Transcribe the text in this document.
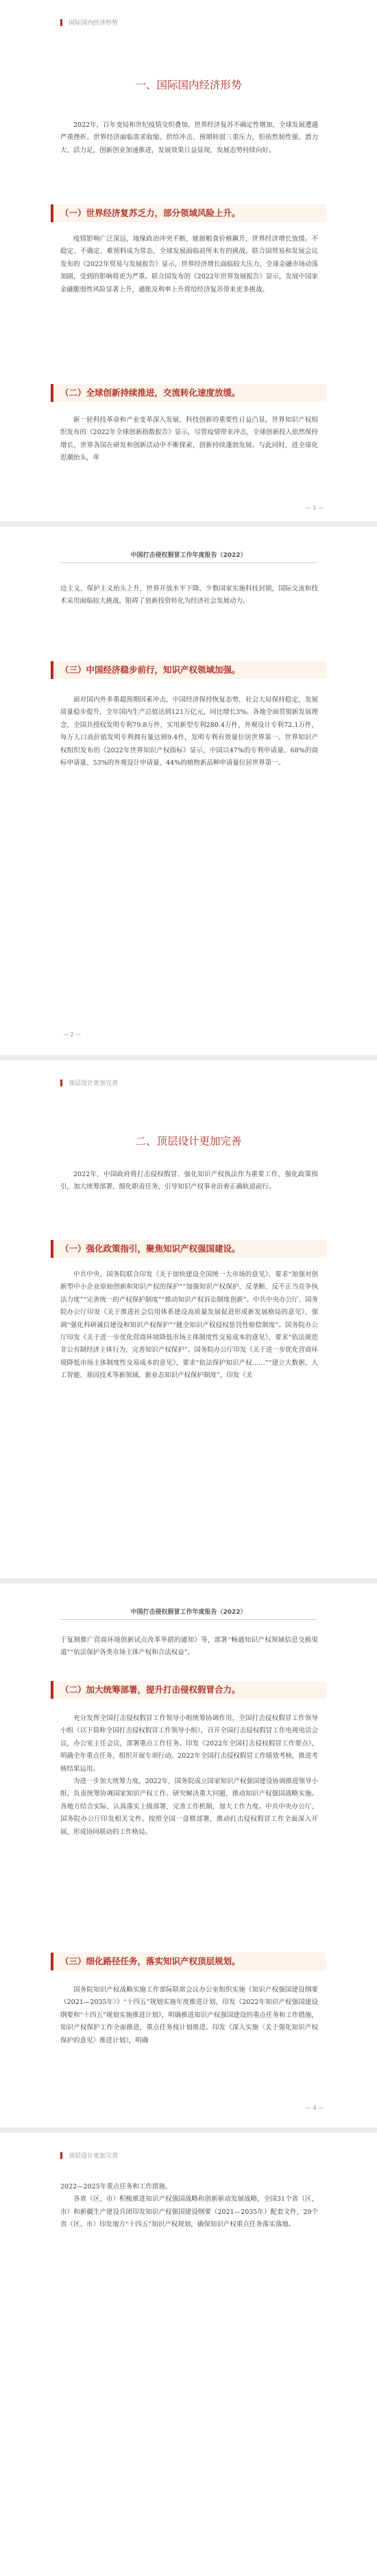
国际国内经济形势
一、国际国内经济形势

2022年，百年变局和世纪疫情交织叠加，世界经济复苏不确定性增加，全球发展遭遇严重挫折。世界经济面临需求收缩、供给冲击、预期转弱三重压力，但依然韧性强、潜力大、活力足，创新创业加速推进，发展效果日益显现，发展态势持续向好。

（一）世界经济复苏乏力，部分领域风险上升。

疫情影响广泛深远，地缘政治冲突不断，能源粮食价格飙升，世界经济增长放缓。不稳定、不确定、难预料成为常态，全球发展面临前所未有的挑战。联合国贸易和发展会议发布的《2022年贸易与发展报告》显示，世界经济增长面临较大压力，全球金融市场动荡加剧，受到的影响将更为严重。联合国发布的《2022年世界发展报告》显示，发展中国家金融脆弱性风险显著上升，通胀及利率上升将给经济复苏带来更多挑战。

（二）全球创新持续推进，交流转化速度放缓。

新一轮科技革命和产业变革深入发展，科技创新的重要性日益凸显，世界知识产权组织发布的《2022年全球创新指数报告》显示，尽管疫情带来冲击，全球创新投入依然保持增长，世界各国在研发和创新活动中不断探索，创新持续蓬勃发展。与此同时，进全球化思潮抬头，单

— 1 —
中国打击侵权假冒工作年度报告（2022）

边主义、保护主义抬头上升，世界开放水平下降，少数国家实施科技封锁，国际交流和技术采用面临较大挑战，阻碍了创新投资转化为经济社会发展动力。

（三）中国经济稳步前行，知识产权领域加强。

面对国内外多重超预期因素冲击，中国经济保持恢复态势，社会大局保持稳定，发展质量稳步提升，全年国内生产总值达到121万亿元，同比增长3%。各地全面贯彻新发展理念，全国共授权发明专利79.8万件，实用新型专利280.4万件，外观设计专利72.1万件，每万人口高价值发明专利拥有量达到9.4件，发明专利有效量位居世界第一。世界知识产权组织发布的《2022年世界知识产权指标》显示，中国以47%的专利申请量、68%的商标申请量、53%的外观设计申请量、44%的植物新品种申请量位居世界第一。

— 2 —
顶层设计更加完善
二、顶层设计更加完善

2022年，中国政府将打击侵权假冒、强化知识产权执法作为重要工作，强化政策指引，加大统筹部署，细化职责任务，引导知识产权事业沿着正确轨道前行。

（一）强化政策指引，聚焦知识产权强国建设。

中共中央、国务院联合印发《关于加快建设全国统一大市场的意见》，要求“加强对创新型中小企业原始创新和知识产权的保护”“加强知识产权保护、反垄断、反不正当竞争执法力度”“完善统一的产权保护制度”“推动知识产权诉讼制度创新”。中共中央办公厅、国务院办公厅印发《关于推进社会信用体系建设高质量发展促进形成新发展格局的意见》，强调“强化科研诚信建设和知识产权保护”“健全知识产权侵权惩罚性赔偿制度”。国务院办公厅印发《关于进一步优化营商环境降低市场主体制度性交易成本的意见》，要求“依法规范非公有制经济主体行为，完善知识产权保护”。国务院办公厅印发《关于进一步优化营商环境降低市场主体制度性交易成本的意见》，要求“依法保护知识产权……”“建立大数据、人工智能、基因技术等新领域、新业态知识产权保护制度”，印发《关

中国打击侵权假冒工作年度报告（2022）

于复制推广营商环境创新试点改革举措的通知》等，部署“畅通知识产权领域信息交换渠道”“依法保护各类市场主体产权和合法权益”。

（二）加大统筹部署，提升打击侵权假冒合力。

充分发挥全国打击侵权假冒工作领导小组统筹协调作用，全国打击侵权假冒工作领导小组（以下简称全国打击侵权假冒工作领导小组），召开全国打击侵权假冒工作电视电话会议，办公室主任会议，部署重点工作任务。印发《2022年全国打击侵权假冒工作要点》，明确全年重点任务，组织开展专项行动。2022年全国打击侵权假冒工作绩效考核，推进考核结果运用。

为进一步加大统筹力度，2022年，国务院成立国家知识产权强国建设协调推进领导小组，负责统筹协调国家知识产权工作。研究解决重大问题，推动知识产权强国战略实施。各地方结合实际，认真落实上级部署，完善工作机制，加大工作力度。中共中央办公厅、国务院办公厅印发相关文件。按照全国一盘棋部署，推动打击侵权假冒工作全面深入开展，形成协同联动的工作格局。

（三）细化路径任务，落实知识产权顶层规划。

国务院知识产权战略实施工作部际联席会议办公室组织实施《知识产权强国建设纲要（2021—2035年）》“十四五”规划实施年度推进计划，印发《2022年知识产权强国建设纲要和“十四五”规划实施推进计划》，明确推进知识产权强国建设的重点任务和工作措施，知识产权保护工作全面推进，重点任务按计划推进。印发《深入实施〈关于强化知识产权保护的意见〉推进计划》，明确

— 4 —
顶层设计更加完善

2022—2025年重点任务和工作措施。

各省（区、市）积极推进知识产权强国战略和创新驱动发展战略，全国31个省（区、市）和新疆生产建设兵团印发知识产权强国建设纲要（2021—2035年）配套文件，29个省（区、市）印发地方“十四五”知识产权规划，确保知识产权重点任务落实落地。
